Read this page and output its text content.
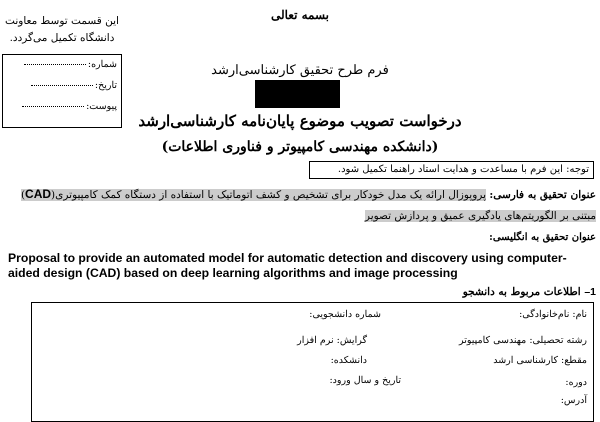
بسمه تعالی
این قسمت توسط معاونت
دانشگاه تکمیل می‌گردد.
شماره:
تاریخ:
پیوست:
فرم طرح تحقیق کارشناسی‌ارشد
درخواست تصویب موضوع پایان‌نامه کارشناسی‌ارشد
(دانشکده مهندسی کامپیوتر و فناوری اطلاعات)
توجه: این فرم با مساعدت و هدایت استاد راهنما تکمیل شود.
عنوان تحقیق به فارسی: پروپوزال ارائه یک مدل خودکار برای تشخیص و کشف اتوماتیک با استفاده از دستگاه کمک کامپیوتری(CAD)
مبتنی بر الگوریتم‌های یادگیری عمیق و پردازش تصویر
عنوان تحقیق به انگلیسی:
Proposal to provide an automated model for automatic detection and discovery using computer-
aided design (CAD) based on deep learning algorithms and image processing
1– اطلاعات مربوط به دانشجو
نام: نام‌خانوادگی:
شماره دانشجویی:
رشته تحصیلی: مهندسی کامپیوتر
گرایش: نرم افزار
مقطع: کارشناسی ارشد
دانشکده:
دوره:
تاریخ و سال ورود:
آدرس:
